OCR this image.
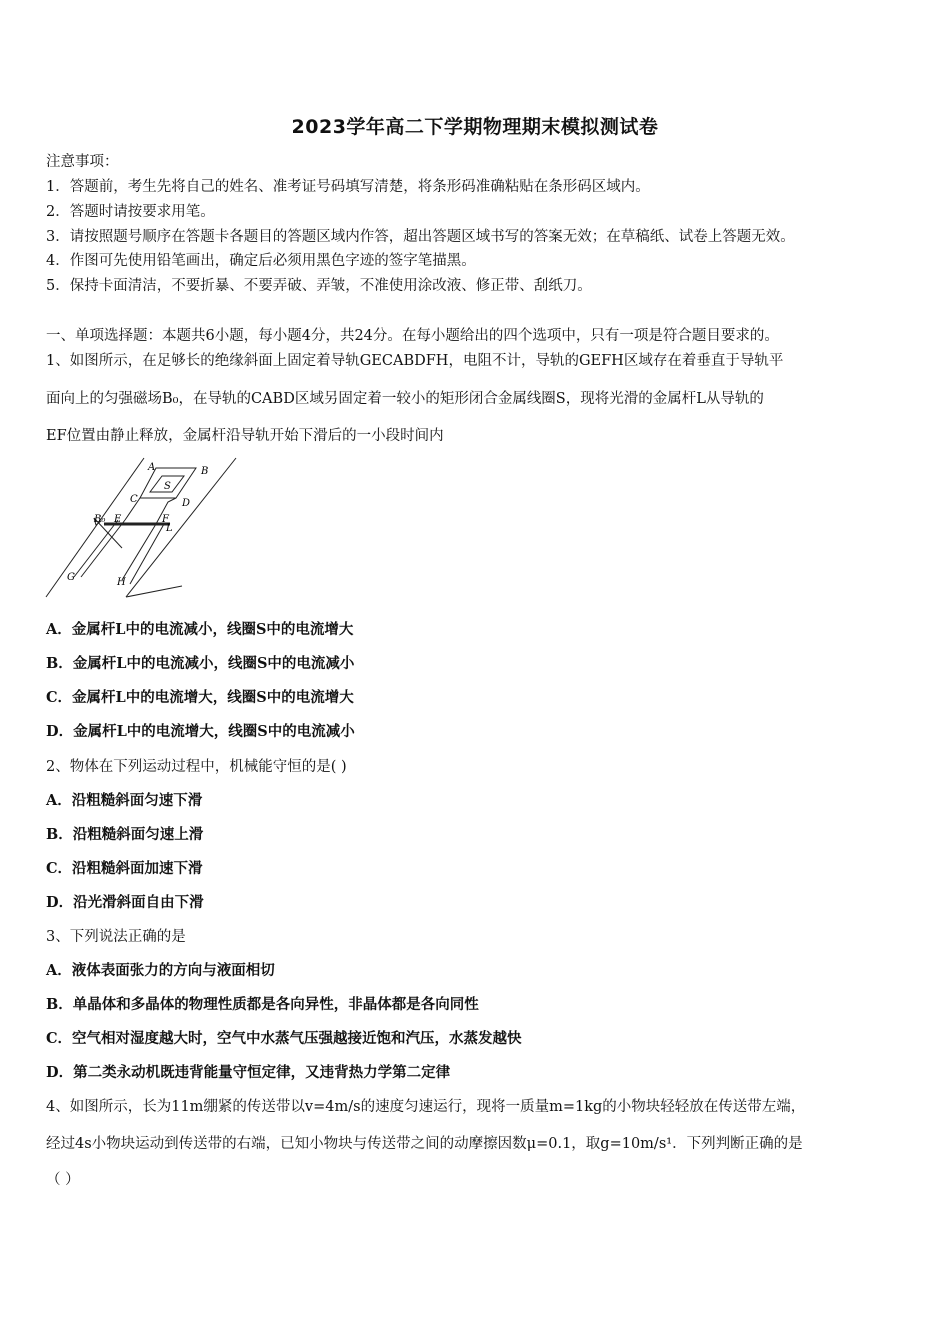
2023学年高二下学期物理期末模拟测试卷
注意事项：
1．答题前，考生先将自己的姓名、准考证号码填写清楚，将条形码准确粘贴在条形码区域内。
2．答题时请按要求用笔。
3．请按照题号顺序在答题卡各题目的答题区域内作答，超出答题区域书写的答案无效；在草稿纸、试卷上答题无效。
4．作图可先使用铅笔画出，确定后必须用黑色字迹的签字笔描黑。
5．保持卡面清洁，不要折暴、不要弄破、弄皱，不准使用涂改液、修正带、刮纸刀。
一、单项选择题：本题共6小题，每小题4分，共24分。在每小题给出的四个选项中，只有一项是符合题目要求的。
1、如图所示，在足够长的绝缘斜面上固定着导轨GECABDFH，电阻不计，导轨的GEFH区域存在着垂直于导轨平
面向上的匀强磁场B₀，在导轨的CABD区域另固定着一较小的矩形闭合金属线圈S，现将光滑的金属杆L从导轨的
EF位置由静止释放，金属杆沿导轨开始下滑后的一小段时间内
A	B
S
C	D
B₀ E	F
L
G	H
A．金属杆L中的电流减小，线圈S中的电流增大
B．金属杆L中的电流减小，线圈S中的电流减小
C．金属杆L中的电流增大，线圈S中的电流增大
D．金属杆L中的电流增大，线圈S中的电流减小
2、物体在下列运动过程中，机械能守恒的是( )
A．沿粗糙斜面匀速下滑
B．沿粗糙斜面匀速上滑
C．沿粗糙斜面加速下滑
D．沿光滑斜面自由下滑
3、下列说法正确的是
A．液体表面张力的方向与液面相切
B．单晶体和多晶体的物理性质都是各向异性，非晶体都是各向同性
C．空气相对湿度越大时，空气中水蒸气压强越接近饱和汽压，水蒸发越快
D．第二类永动机既违背能量守恒定律，又违背热力学第二定律
4、如图所示，长为11m绷紧的传送带以v=4m/s的速度匀速运行，现将一质量m=1kg的小物块轻轻放在传送带左端，
经过4s小物块运动到传送带的右端，已知小物块与传送带之间的动摩擦因数μ=0.1，取g=10m/s¹．下列判断正确的是
（ ）
